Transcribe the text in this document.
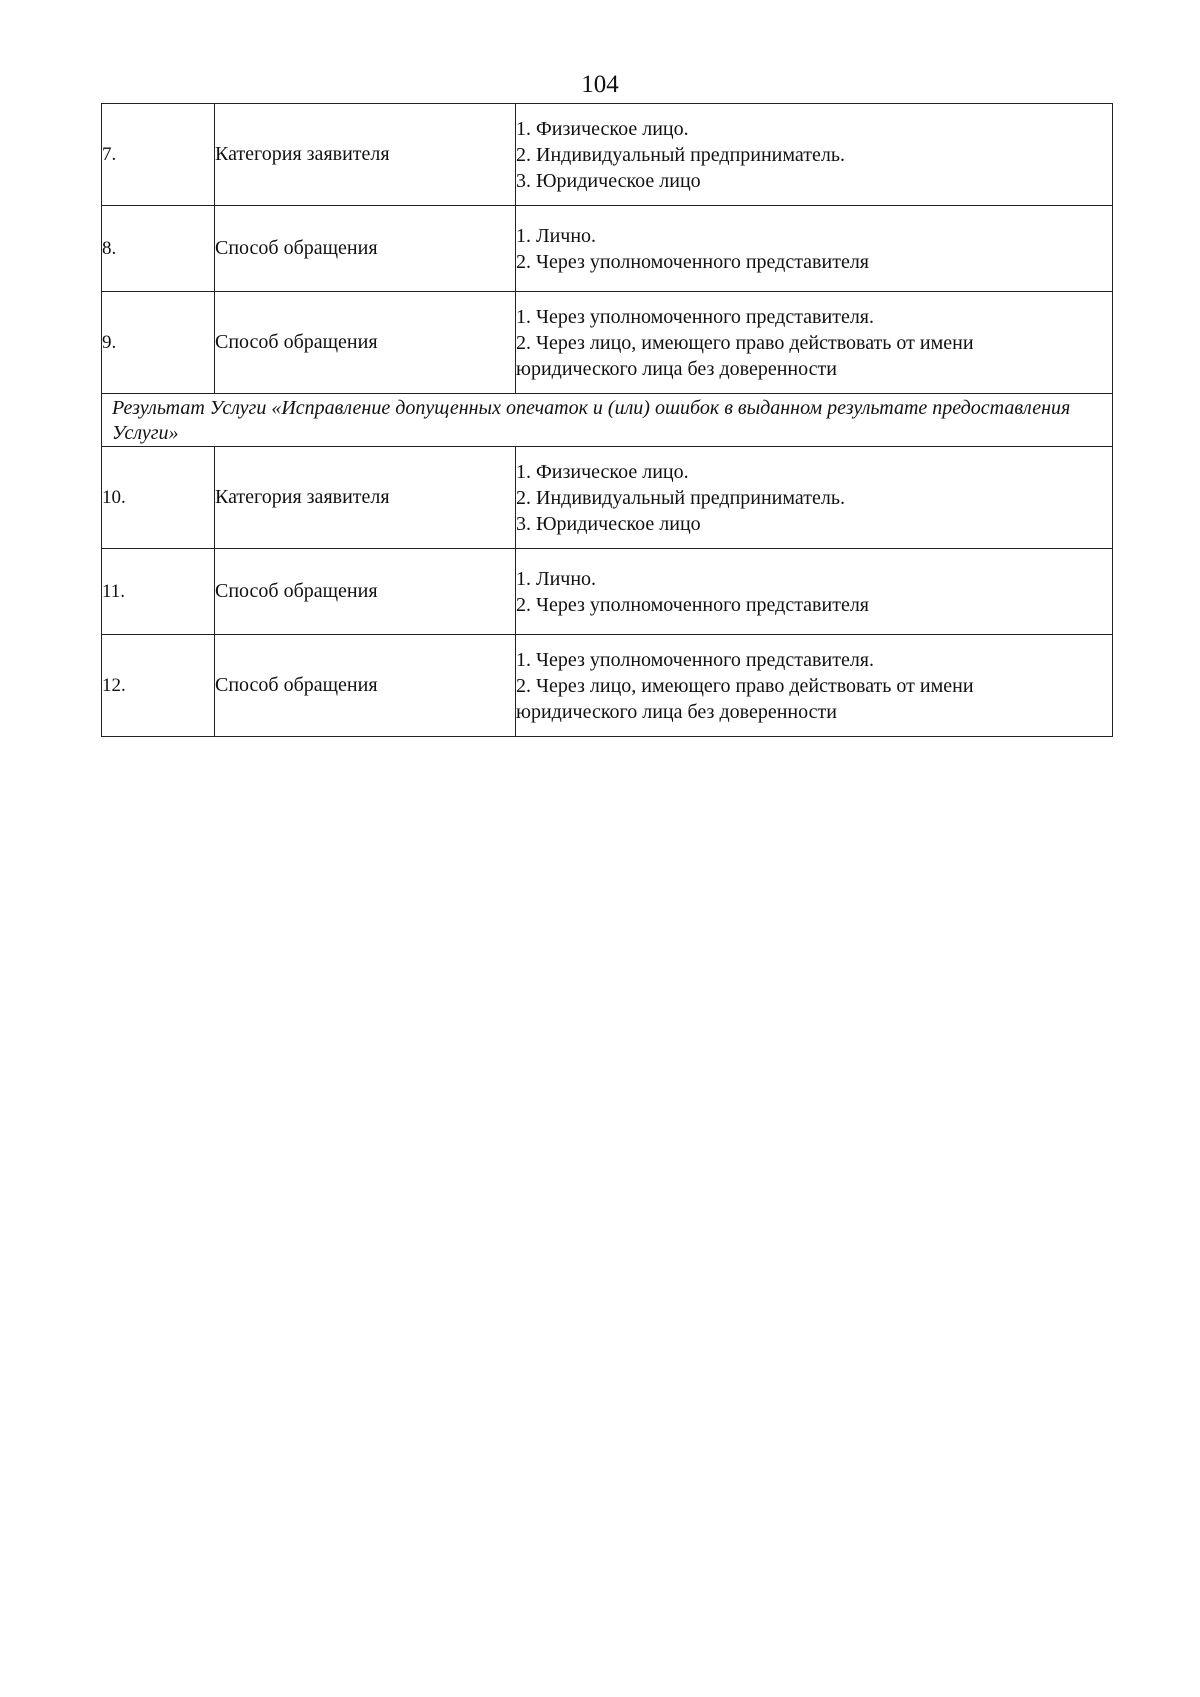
104
7.	Категория заявителя	1. Физическое лицо.
2. Индивидуальный предприниматель.
3. Юридическое лицо

8.	Способ обращения	1. Лично.
2. Через уполномоченного представителя

9.	Способ обращения	1. Через уполномоченного представителя.
2. Через лицо, имеющего право действовать от имени
юридического лица без доверенности

Результат Услуги «Исправление допущенных опечаток и (или) ошибок в выданном результате предоставления Услуги»		
10.	Категория заявителя	1. Физическое лицо.
2. Индивидуальный предприниматель.
3. Юридическое лицо

11.	Способ обращения	1. Лично.
2. Через уполномоченного представителя

12.	Способ обращения	1. Через уполномоченного представителя.
2. Через лицо, имеющего право действовать от имени
юридического лица без доверенности
